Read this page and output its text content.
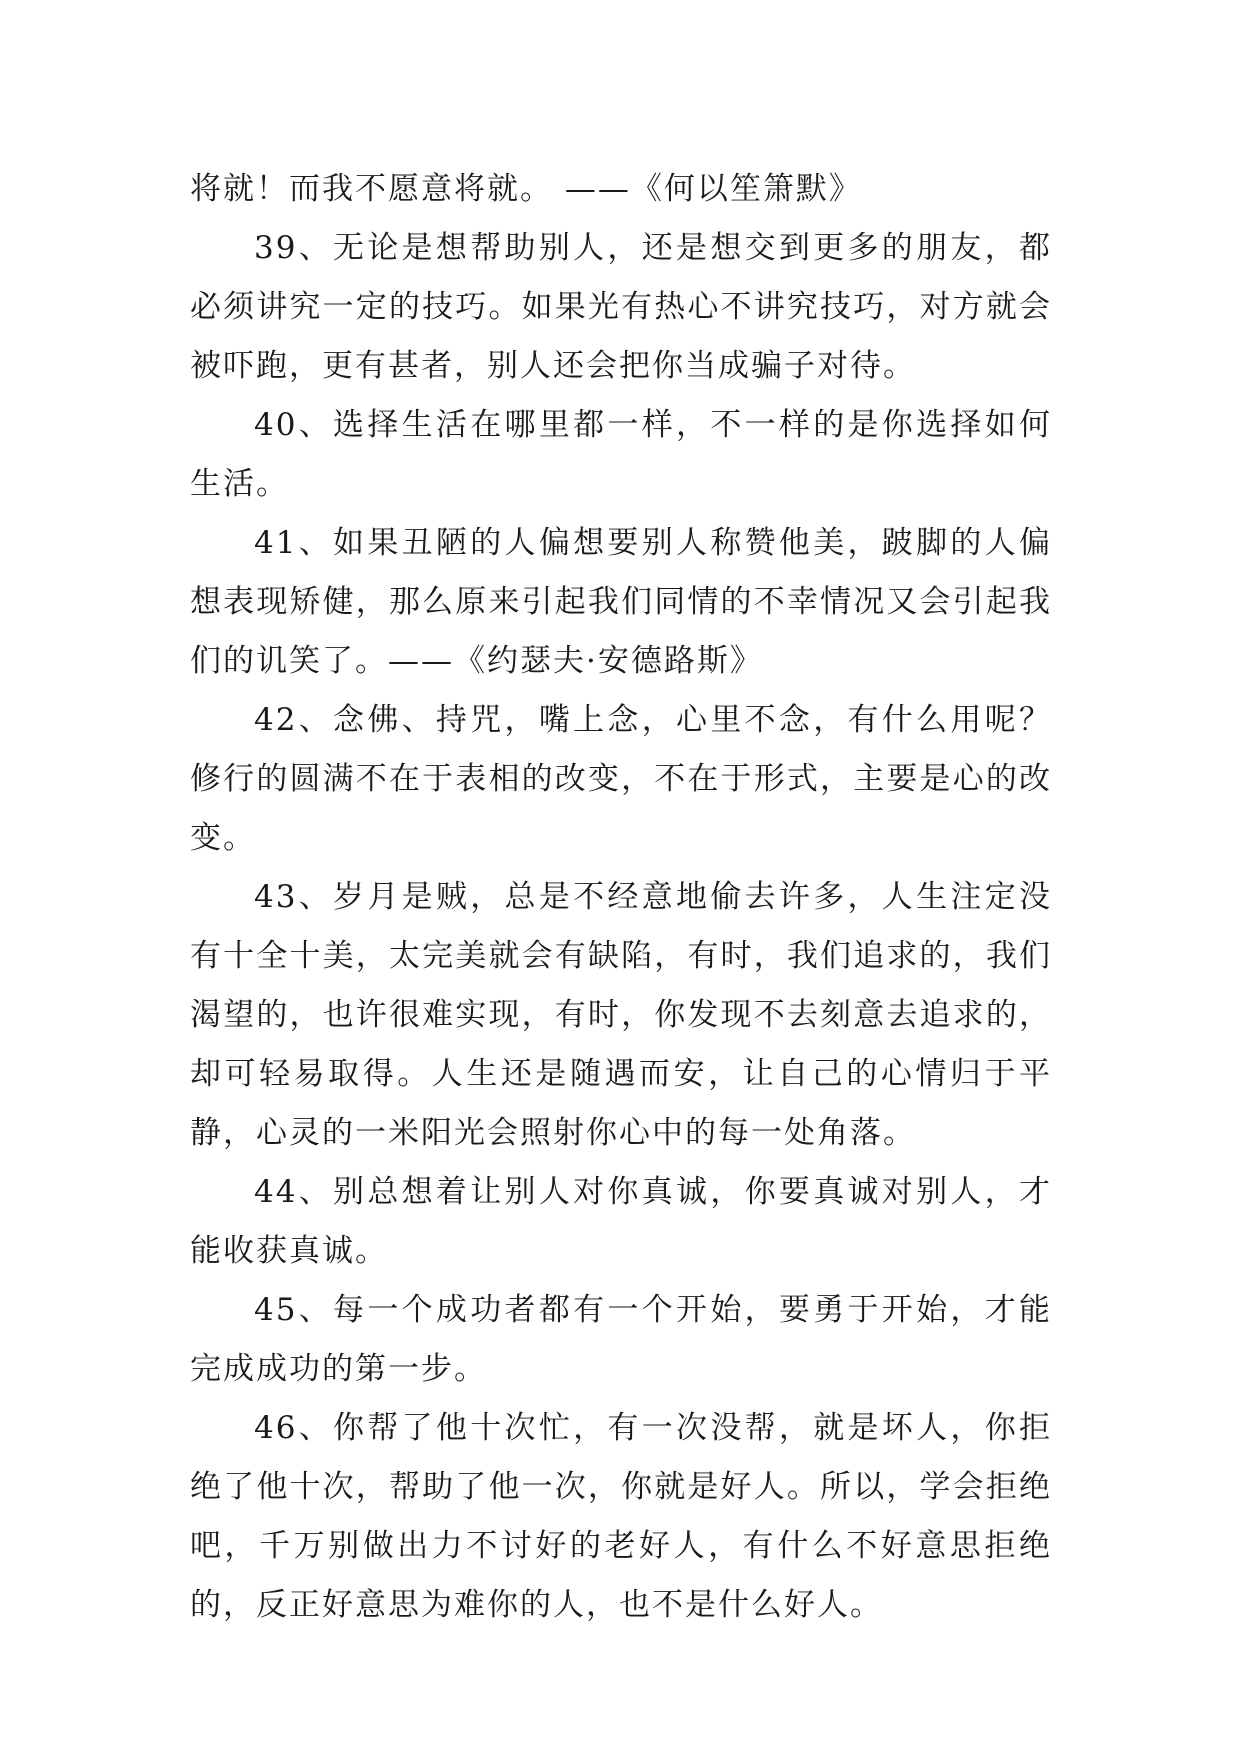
将就！而我不愿意将就。 ——《何以笙箫默》

39、无论是想帮助别人，还是想交到更多的朋友，都必须讲究一定的技巧。如果光有热心不讲究技巧，对方就会被吓跑，更有甚者，别人还会把你当成骗子对待。

40、选择生活在哪里都一样，不一样的是你选择如何生活。

41、如果丑陋的人偏想要别人称赞他美，跛脚的人偏想表现矫健，那么原来引起我们同情的不幸情况又会引起我们的讥笑了。——《约瑟夫·安德路斯》

42、念佛、持咒，嘴上念，心里不念，有什么用呢？修行的圆满不在于表相的改变，不在于形式，主要是心的改变。

43、岁月是贼，总是不经意地偷去许多，人生注定没有十全十美，太完美就会有缺陷，有时，我们追求的，我们渴望的，也许很难实现，有时，你发现不去刻意去追求的，却可轻易取得。人生还是随遇而安，让自己的心情归于平静，心灵的一米阳光会照射你心中的每一处角落。

44、别总想着让别人对你真诚，你要真诚对别人，才能收获真诚。

45、每一个成功者都有一个开始，要勇于开始，才能完成成功的第一步。

46、你帮了他十次忙，有一次没帮，就是坏人，你拒绝了他十次，帮助了他一次，你就是好人。所以，学会拒绝吧，千万别做出力不讨好的老好人，有什么不好意思拒绝的，反正好意思为难你的人，也不是什么好人。
